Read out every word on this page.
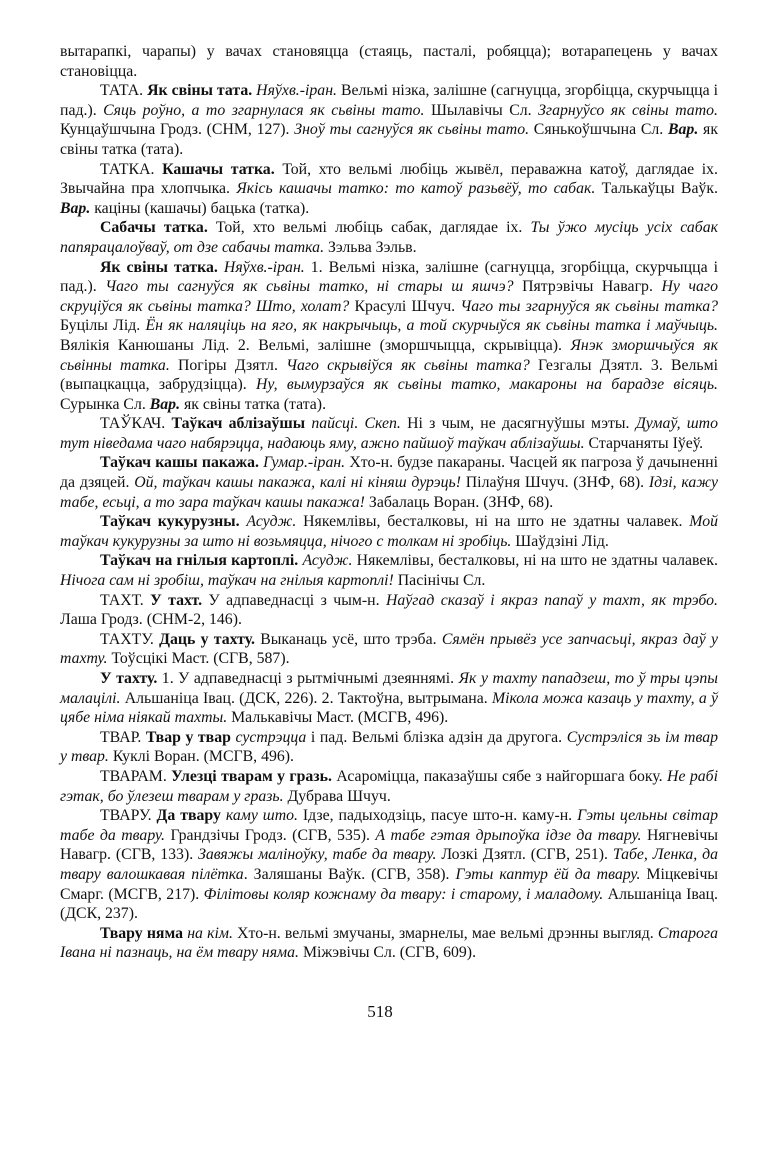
вытарапкі, чарапы) у вачах становяцца (стаяць, пасталі, робяцца); вотарапецень у вачах становіцца.

ТАТА. Як свіны тата. Няўхв.-іран. Вельмі нізка, залішне (сагнуцца, згорбіцца, скурчыцца і пад.). Сяць роўно, а то згарнулася як сьвіны тато. Шылавічы Сл. Згарнуўсо як свіны тато. Кунцаўшчына Гродз. (СНМ, 127). Зноў ты сагнуўся як сьвіны тато. Сянькоўшчына Сл. Вар. як свіны татка (тата).

ТАТКА. Кашачы татка. Той, хто вельмі любіць жывёл, пераважна катоў, даглядае іх. Звычайна пра хлопчыка. Якісь кашачы татко: то катоў разьвёў, то сабак. Талькаўцы Ваўк. Вар. каціны (кашачы) бацька (татка).

Сабачы татка. Той, хто вельмі любіць сабак, даглядае іх. Ты ўжо мусіць усіх сабак папярацалоўваў, от дзе сабачы татка. Зэльва Зэльв.

Як свіны татка. Няўхв.-іран. 1. Вельмі нізка, залішне (сагнуцца, згорбіцца, скурчыцца і пад.). Чаго ты сагнуўся як сьвіны татко, ні стары ш яшчэ? Пятрэвічы Навагр. Ну чаго скруціўся як сьвіны татка? Што, холат? Красулі Шчуч. Чаго ты згарнуўся як сьвіны татка? Буцілы Лід. Ён як наляціць на яго, як накрычыць, а той скурчыўся як сьвіны татка і маўчыць. Вялікія Канюшаны Лід. 2. Вельмі, залішне (зморшчыцца, скрывіцца). Янэк зморшчыўся як сьвінны татка. Погіры Дзятл. Чаго скрывіўся як сьвіны татка? Гезгалы Дзятл. 3. Вельмі (выпацкацца, забрудзіцца). Ну, вымурзаўся як сьвіны татко, макароны на барадзе вісяць. Сурынка Сл. Вар. як свіны татка (тата).

ТАЎКАЧ. Таўкач аблізаўшы пайсці. Скеп. Ні з чым, не дасягнуўшы мэты. Думаў, што тут ніведама чаго набярэцца, надаюць яму, ажно пайшоў таўкач аблізаўшы. Старчаняты Іўеў.

Таўкач кашы пакажа. Гумар.-іран. Хто-н. будзе пакараны. Часцей як пагроза ў дачыненні да дзяцей. Ой, таўкач кашы пакажа, калі ні кіняш дурэць! Пілаўня Шчуч. (ЗНФ, 68). Ідзі, кажу табе, есьці, а то зара таўкач кашы пакажа! Забалаць Воран. (ЗНФ, 68).

Таўкач кукурузны. Асудж. Някемлівы, бесталковы, ні на што не здатны чалавек. Мой таўкач кукурузны за што ні возьмяцца, нічого с толкам ні зробіць. Шаўдзіні Лід.

Таўкач на гнілыя картоплі. Асудж. Някемлівы, бесталковы, ні на што не здатны чалавек. Нічога сам ні зробіш, таўкач на гнілыя картоплі! Пасінічы Сл.

ТАХТ. У тахт. У адпаведнасці з чым-н. Наўгад сказаў і якраз папаў у тахт, як трэбо. Лаша Гродз. (СНМ-2, 146).

ТАХТУ. Даць у тахту. Выканаць усё, што трэба. Сямён прывёз усе запчасьці, якраз даў у тахту. Тоўсцікі Маст. (СГВ, 587).

У тахту. 1. У адпаведнасці з рытмічнымі дзеяннямі. Як у тахту пападзеш, то ў тры цэпы малацілі. Альшаніца Івац. (ДСК, 226). 2. Тактоўна, вытрымана. Мікола можа казаць у тахту, а ў цябе німа ніякай тахты. Малькавічы Маст. (МСГВ, 496).

ТВАР. Твар у твар сустрэцца і пад. Вельмі блізка адзін да другога. Сустрэліся зь ім твар у твар. Куклі Воран. (МСГВ, 496).

ТВАРАМ. Улезці тварам у гразь. Асароміцца, паказаўшы сябе з найгоршага боку. Не рабі гэтак, бо ўлезеш тварам у гразь. Дубрава Шчуч.

ТВАРУ. Да твару каму што. Ідзе, падыходзіць, пасуе што-н. каму-н. Гэты цельны світар табе да твару. Грандзічы Гродз. (СГВ, 535). А табе гэтая дрыпоўка ідзе да твару. Нягневічы Навагр. (СГВ, 133). Завяжы маліноўку, табе да твару. Лозкі Дзятл. (СГВ, 251). Табе, Ленка, да твару валошкавая пілётка. Заляшаны Ваўк. (СГВ, 358). Гэты каптур ёй да твару. Міцкевічы Смарг. (МСГВ, 217). Філітовы коляр кожнаму да твару: і старому, і маладому. Альшаніца Івац. (ДСК, 237).

Твару няма на кім. Хто-н. вельмі змучаны, змарнелы, мае вельмі дрэнны выгляд. Старога Івана ні пазнаць, на ём твару няма. Міжэвічы Сл. (СГВ, 609).

518
